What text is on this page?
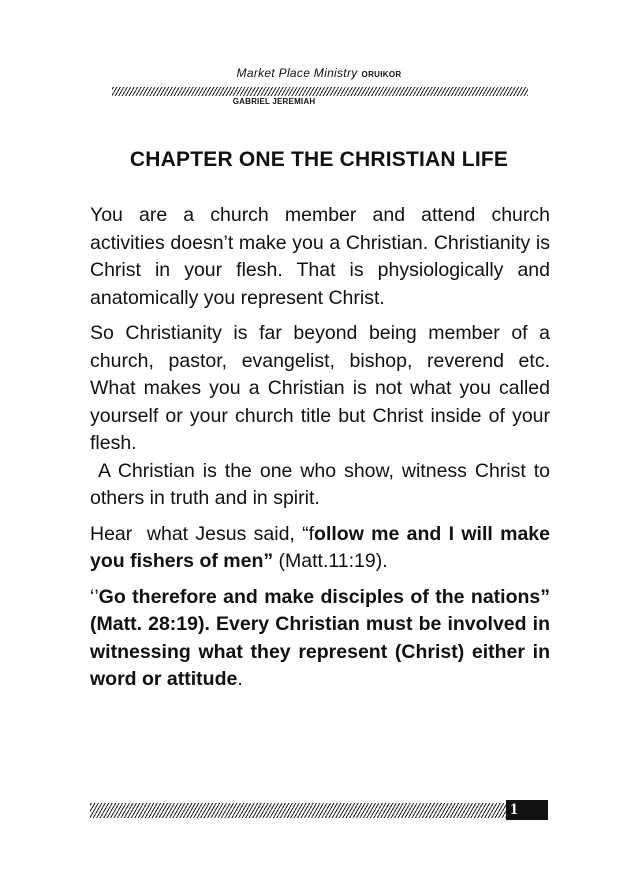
Market Place Ministry ORUIKOR
GABRIEL JEREMIAH
CHAPTER ONE THE CHRISTIAN LIFE

You are a church member and attend church activities doesn’t make you a Christian. Christianity is Christ in your flesh. That is physiologically and anatomically you represent Christ.

So Christianity is far beyond being member of a church, pastor, evangelist, bishop, reverend etc. What makes you a Christian is not what you called yourself or your church title but Christ inside of your flesh.

A Christian is the one who show, witness Christ to others in truth and in spirit.

Hear  what Jesus said, “follow me and I will make you fishers of men” (Matt.11:19).

‘’Go therefore and make disciples of the nations” (Matt. 28:19). Every Christian must be involved in witnessing what they represent (Christ) either in word or attitude.

1
